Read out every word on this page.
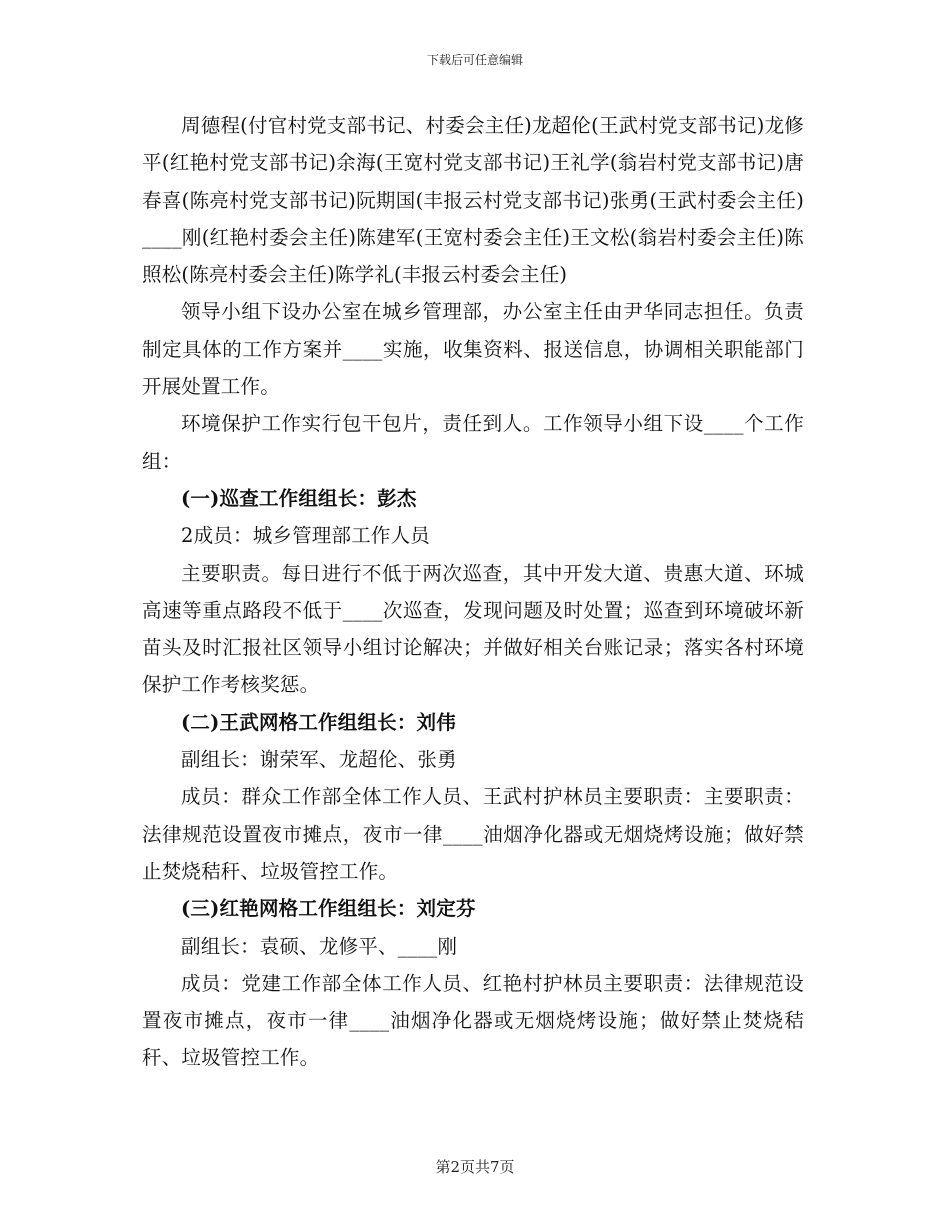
下载后可任意编辑

周德程(付官村党支部书记、村委会主任)龙超伦(王武村党支部书记)龙修平(红艳村党支部书记)余海(王宽村党支部书记)王礼学(翁岩村党支部书记)唐春喜(陈亮村党支部书记)阮期国(丰报云村党支部书记)张勇(王武村委会主任)____刚(红艳村委会主任)陈建军(王宽村委会主任)王文松(翁岩村委会主任)陈照松(陈亮村委会主任)陈学礼(丰报云村委会主任)

领导小组下设办公室在城乡管理部，办公室主任由尹华同志担任。负责制定具体的工作方案并____实施，收集资料、报送信息，协调相关职能部门开展处置工作。

环境保护工作实行包干包片，责任到人。工作领导小组下设____个工作组：

(一)巡查工作组组长：彭杰

2成员：城乡管理部工作人员

主要职责。每日进行不低于两次巡查，其中开发大道、贵惠大道、环城高速等重点路段不低于____次巡查，发现问题及时处置；巡查到环境破坏新苗头及时汇报社区领导小组讨论解决；并做好相关台账记录；落实各村环境保护工作考核奖惩。

(二)王武网格工作组组长：刘伟

副组长：谢荣军、龙超伦、张勇

成员：群众工作部全体工作人员、王武村护林员主要职责：主要职责：法律规范设置夜市摊点，夜市一律____油烟净化器或无烟烧烤设施；做好禁止焚烧秸秆、垃圾管控工作。

(三)红艳网格工作组组长：刘定芬

副组长：袁硕、龙修平、____刚

成员：党建工作部全体工作人员、红艳村护林员主要职责：法律规范设置夜市摊点，夜市一律____油烟净化器或无烟烧烤设施；做好禁止焚烧秸秆、垃圾管控工作。

第2页共7页
